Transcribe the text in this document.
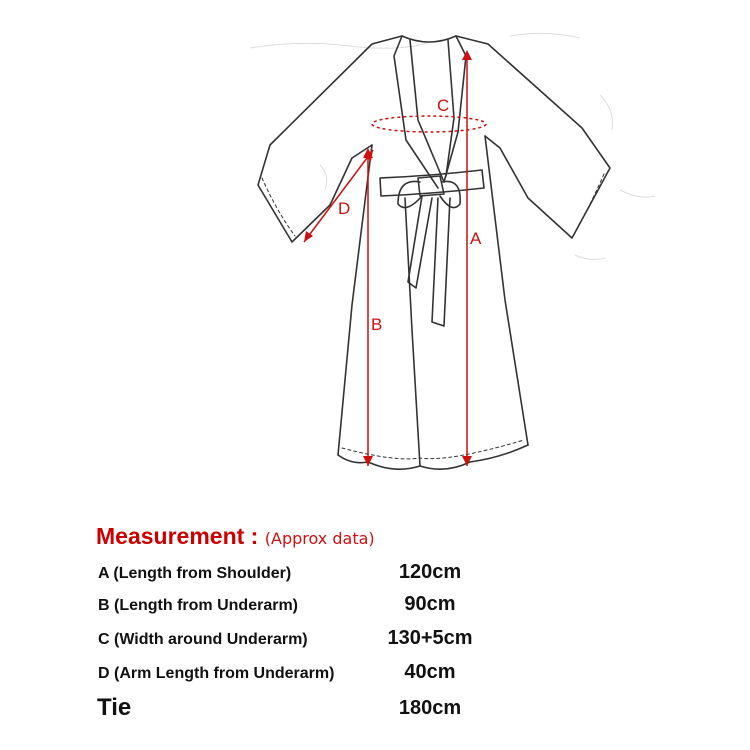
C
A
B
D
Measurement : (Approx data)
A (Length from Shoulder)	120cm
B (Length from Underarm)	90cm
C (Width around Underarm)	130+5cm
D (Arm Length from Underarm)	40cm
Tie	180cm
